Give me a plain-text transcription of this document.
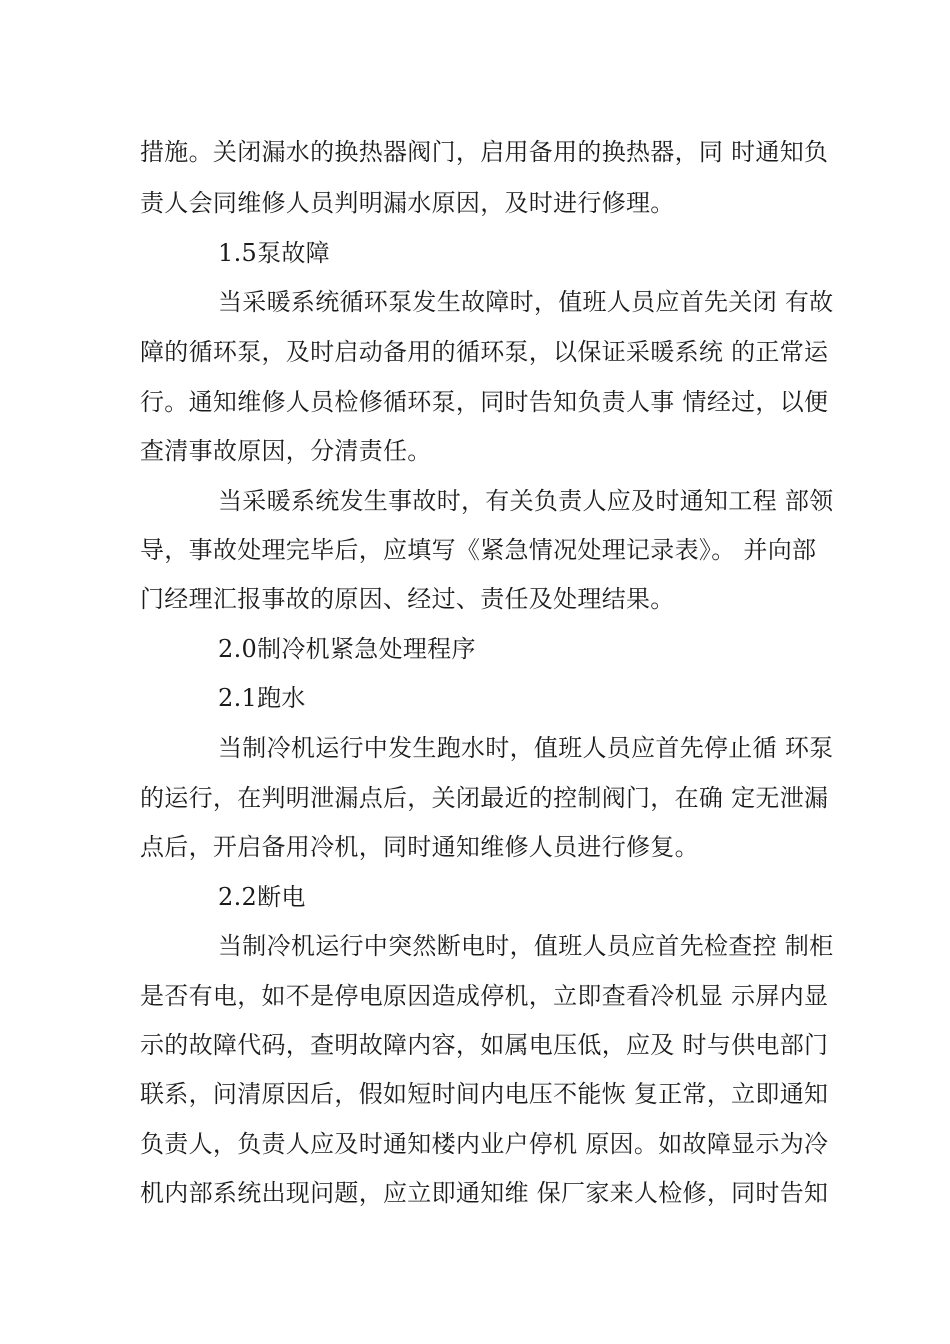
措施。关闭漏水的换热器阀门，启用备用的换热器，同 时通知负
责人会同维修人员判明漏水原因，及时进行修理。
1.5泵故障
当采暖系统循环泵发生故障时，值班人员应首先关闭 有故
障的循环泵，及时启动备用的循环泵，以保证采暖系统 的正常运
行。通知维修人员检修循环泵，同时告知负责人事 情经过，以便
查清事故原因，分清责任。
当采暖系统发生事故时，有关负责人应及时通知工程 部领
导，事故处理完毕后，应填写《紧急情况处理记录表》。 并向部
门经理汇报事故的原因、经过、责任及处理结果。
2.0制冷机紧急处理程序
2.1跑水
当制冷机运行中发生跑水时，值班人员应首先停止循 环泵
的运行，在判明泄漏点后，关闭最近的控制阀门，在确 定无泄漏
点后，开启备用冷机，同时通知维修人员进行修复。
2.2断电
当制冷机运行中突然断电时，值班人员应首先检查控 制柜
是否有电，如不是停电原因造成停机，立即查看冷机显 示屏内显
示的故障代码，查明故障内容，如属电压低，应及 时与供电部门
联系，问清原因后，假如短时间内电压不能恢 复正常，立即通知
负责人，负责人应及时通知楼内业户停机 原因。如故障显示为冷
机内部系统出现问题，应立即通知维 保厂家来人检修，同时告知
